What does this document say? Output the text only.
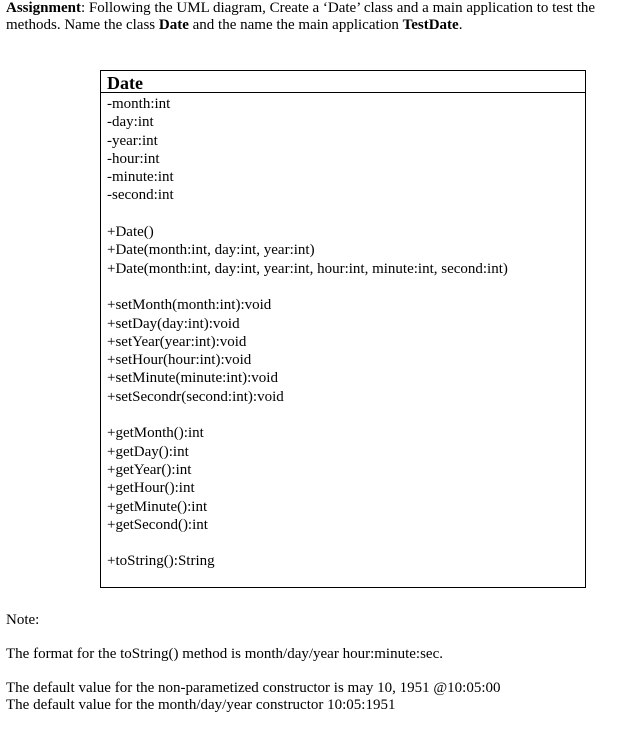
Assignment: Following the UML diagram, Create a ‘Date’ class and a main application to test the methods. Name the class Date and the name the main application TestDate.
Date
-month:int
-day:int
-year:int
-hour:int
-minute:int
-second:int
+Date()
+Date(month:int, day:int, year:int)
+Date(month:int, day:int, year:int, hour:int, minute:int, second:int)
+setMonth(month:int):void
+setDay(day:int):void
+setYear(year:int):void
+setHour(hour:int):void
+setMinute(minute:int):void
+setSecondr(second:int):void
+getMonth():int
+getDay():int
+getYear():int
+getHour():int
+getMinute():int
+getSecond():int
+toString():String
Note:
The format for the toString() method is month/day/year hour:minute:sec.
The default value for the non-parametized constructor is may 10, 1951 @10:05:00
The default value for the month/day/year constructor 10:05:1951
